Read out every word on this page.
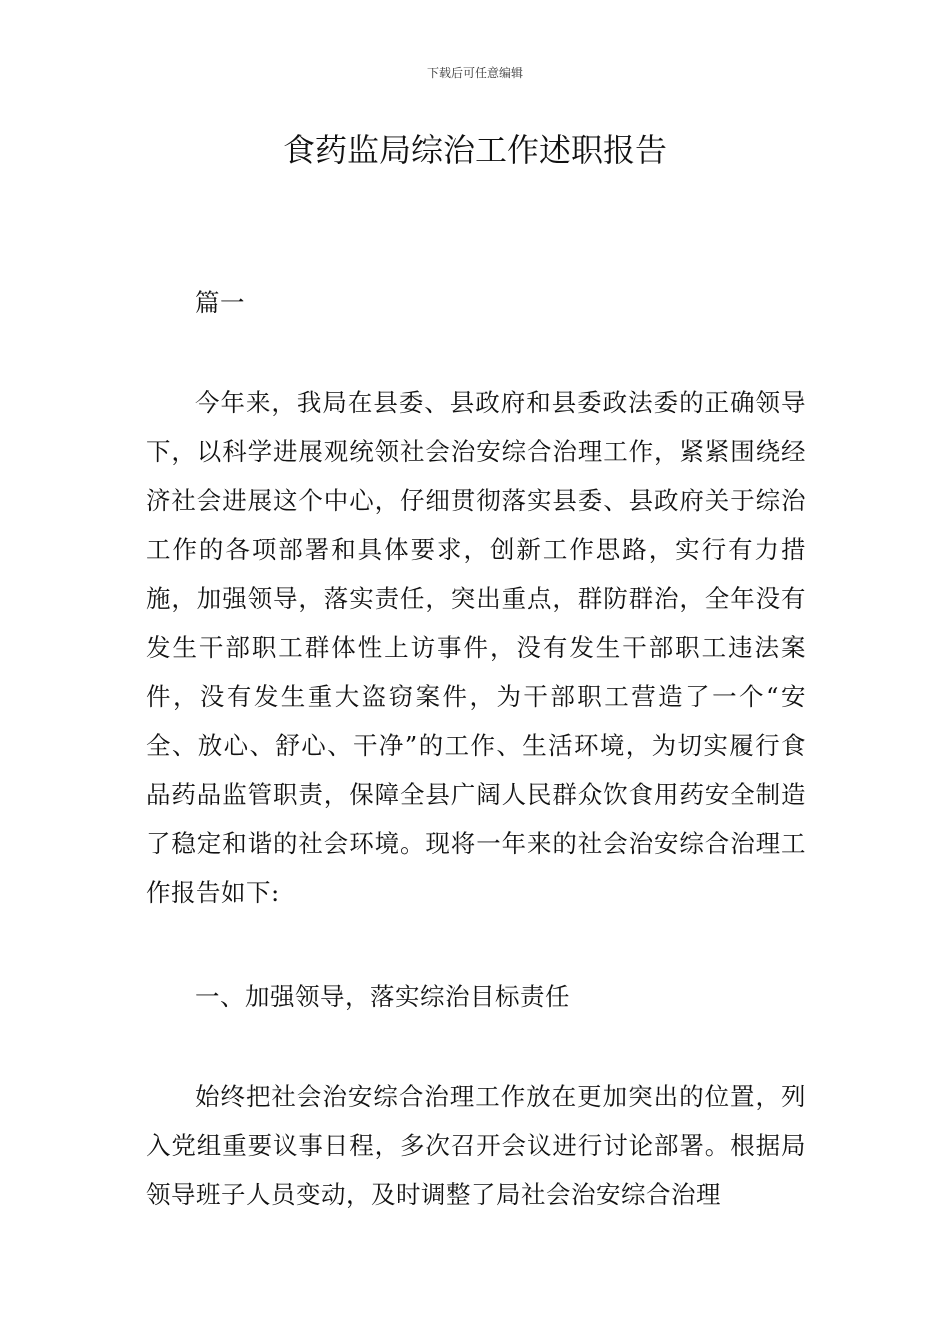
下载后可任意编辑
食药监局综治工作述职报告

篇一

今年来，我局在县委、县政府和县委政法委的正确领导下，以科学进展观统领社会治安综合治理工作，紧紧围绕经济社会进展这个中心，仔细贯彻落实县委、县政府关于综治工作的各项部署和具体要求，创新工作思路，实行有力措施，加强领导，落实责任，突出重点，群防群治，全年没有发生干部职工群体性上访事件，没有发生干部职工违法案件，没有发生重大盗窃案件，为干部职工营造了一个“安全、放心、舒心、干净”的工作、生活环境，为切实履行食品药品监管职责，保障全县广阔人民群众饮食用药安全制造了稳定和谐的社会环境。现将一年来的社会治安综合治理工作报告如下:

一、加强领导，落实综治目标责任

始终把社会治安综合治理工作放在更加突出的位置，列入党组重要议事日程，多次召开会议进行讨论部署。根据局领导班子人员变动，及时调整了局社会治安综合治理
